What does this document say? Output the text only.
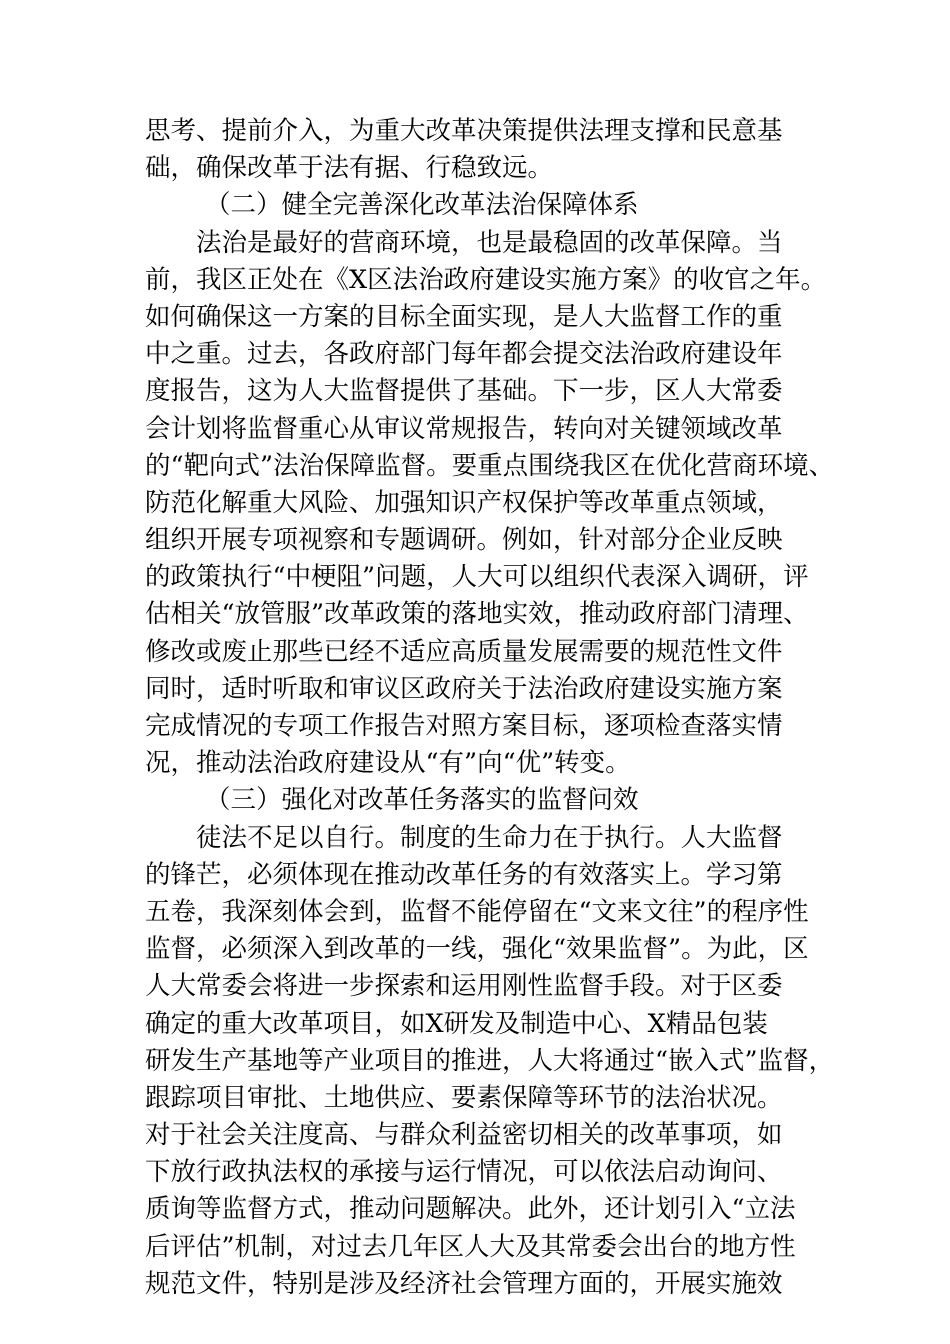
思考、提前介入，为重大改革决策提供法理支撑和民意基
础，确保改革于法有据、行稳致远。
（二）健全完善深化改革法治保障体系
　　法治是最好的营商环境，也是最稳固的改革保障。当
前，我区正处在《X区法治政府建设实施方案》的收官之年。
如何确保这一方案的目标全面实现，是人大监督工作的重
中之重。过去，各政府部门每年都会提交法治政府建设年
度报告，这为人大监督提供了基础。下一步，区人大常委
会计划将监督重心从审议常规报告，转向对关键领域改革
的“靶向式”法治保障监督。要重点围绕我区在优化营商环境、
防范化解重大风险、加强知识产权保护等改革重点领域，
组织开展专项视察和专题调研。例如，针对部分企业反映
的政策执行“中梗阻”问题，人大可以组织代表深入调研，评
估相关“放管服”改革政策的落地实效，推动政府部门清理、
修改或废止那些已经不适应高质量发展需要的规范性文件
同时，适时听取和审议区政府关于法治政府建设实施方案
完成情况的专项工作报告对照方案目标，逐项检查落实情
况，推动法治政府建设从“有”向“优”转变。
（三）强化对改革任务落实的监督问效
　　徒法不足以自行。制度的生命力在于执行。人大监督
的锋芒，必须体现在推动改革任务的有效落实上。学习第
五卷，我深刻体会到，监督不能停留在“文来文往”的程序性
监督，必须深入到改革的一线，强化“效果监督”。为此，区
人大常委会将进一步探索和运用刚性监督手段。对于区委
确定的重大改革项目，如X研发及制造中心、X精品包装
研发生产基地等产业项目的推进，人大将通过“嵌入式”监督，
跟踪项目审批、土地供应、要素保障等环节的法治状况。
对于社会关注度高、与群众利益密切相关的改革事项，如
下放行政执法权的承接与运行情况，可以依法启动询问、
质询等监督方式，推动问题解决。此外，还计划引入“立法
后评估”机制，对过去几年区人大及其常委会出台的地方性
规范文件，特别是涉及经济社会管理方面的，开展实施效
